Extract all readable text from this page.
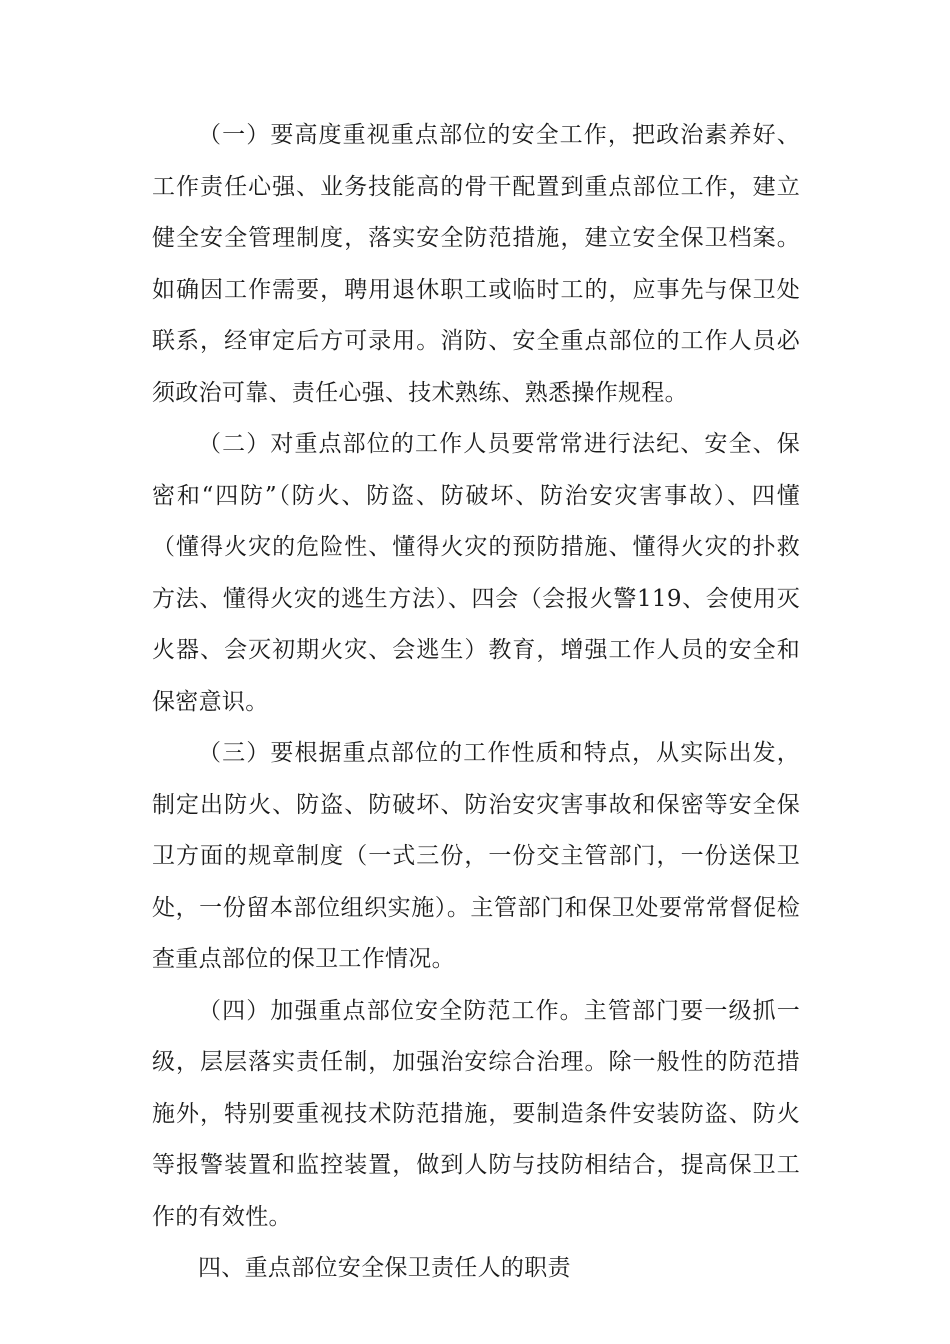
（一）要高度重视重点部位的安全工作，把政治素养好、工作责任心强、业务技能高的骨干配置到重点部位工作，建立健全安全管理制度，落实安全防范措施，建立安全保卫档案。如确因工作需要，聘用退休职工或临时工的，应事先与保卫处联系，经审定后方可录用。消防、安全重点部位的工作人员必须政治可靠、责任心强、技术熟练、熟悉操作规程。

（二）对重点部位的工作人员要常常进行法纪、安全、保密和“四防”（防火、防盗、防破坏、防治安灾害事故）、四懂（懂得火灾的危险性、懂得火灾的预防措施、懂得火灾的扑救方法、懂得火灾的逃生方法）、四会（会报火警119、会使用灭火器、会灭初期火灾、会逃生）教育，增强工作人员的安全和保密意识。

（三）要根据重点部位的工作性质和特点，从实际出发，制定出防火、防盗、防破坏、防治安灾害事故和保密等安全保卫方面的规章制度（一式三份，一份交主管部门，一份送保卫处，一份留本部位组织实施）。主管部门和保卫处要常常督促检查重点部位的保卫工作情况。

（四）加强重点部位安全防范工作。主管部门要一级抓一级，层层落实责任制，加强治安综合治理。除一般性的防范措施外，特别要重视技术防范措施，要制造条件安装防盗、防火等报警装置和监控装置，做到人防与技防相结合，提高保卫工作的有效性。

四、重点部位安全保卫责任人的职责
